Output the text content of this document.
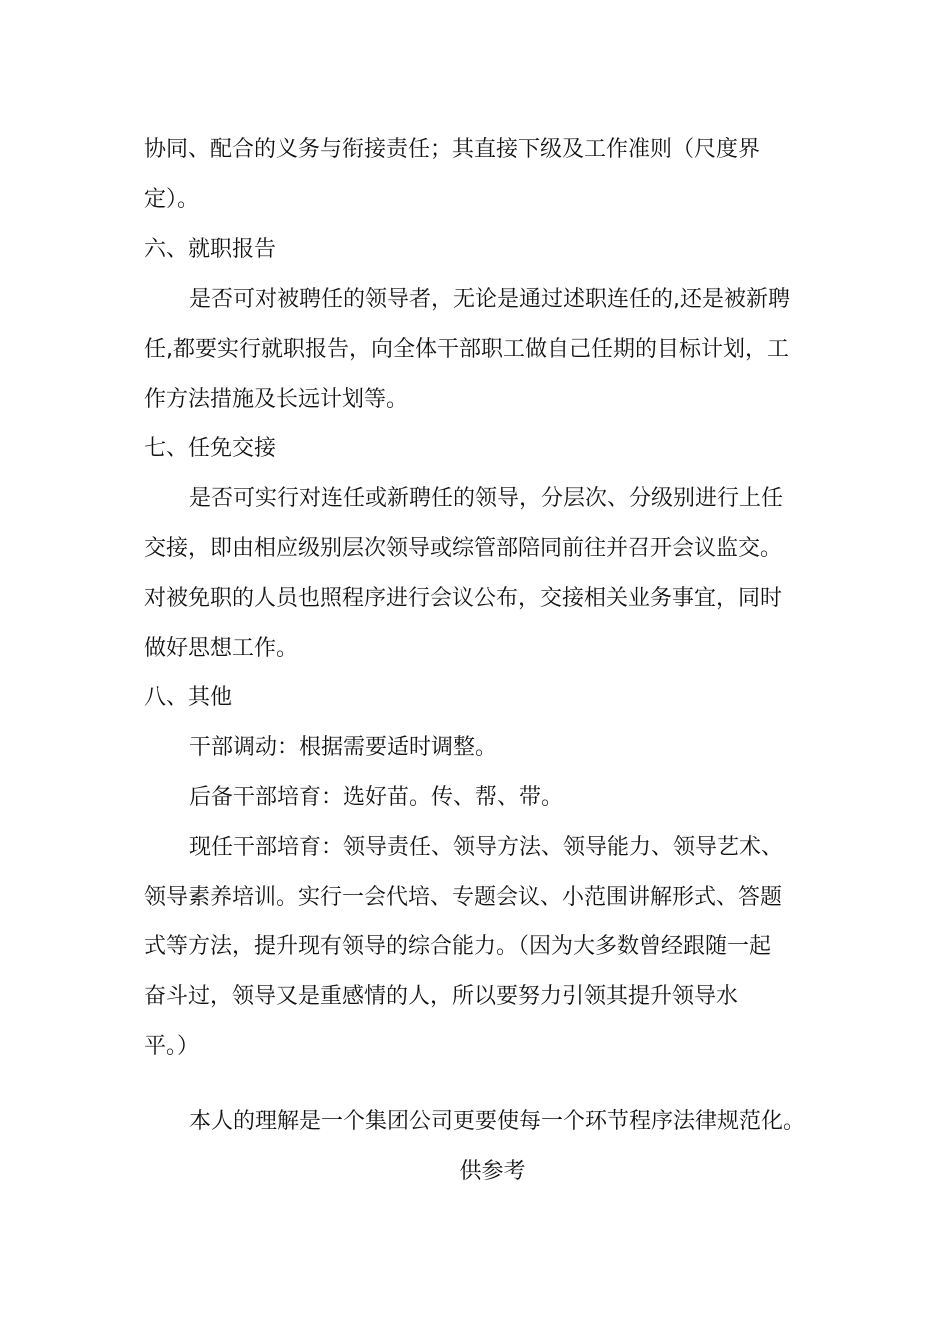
协同、配合的义务与衔接责任；其直接下级及工作准则（尺度界
定）。
六、就职报告
是否可对被聘任的领导者，无论是通过述职连任的,还是被新聘
任,都要实行就职报告，向全体干部职工做自己任期的目标计划，工
作方法措施及长远计划等。
七、任免交接
是否可实行对连任或新聘任的领导，分层次、分级别进行上任
交接，即由相应级别层次领导或综管部陪同前往并召开会议监交。
对被免职的人员也照程序进行会议公布，交接相关业务事宜，同时
做好思想工作。
八、其他
干部调动：根据需要适时调整。
后备干部培育：选好苗。传、帮、带。
现任干部培育：领导责任、领导方法、领导能力、领导艺术、
领导素养培训。实行一会代培、专题会议、小范围讲解形式、答题
式等方法，提升现有领导的综合能力。（因为大多数曾经跟随一起
奋斗过，领导又是重感情的人，所以要努力引领其提升领导水
平。）
本人的理解是一个集团公司更要使每一个环节程序法律规范化。
供参考
